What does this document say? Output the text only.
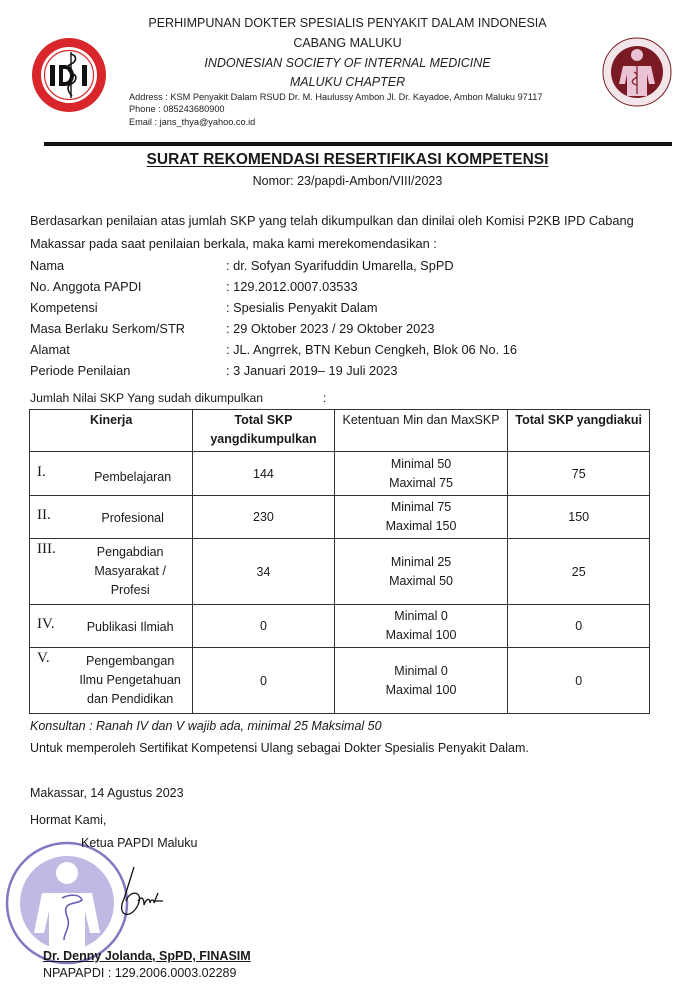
PERHIMPUNAN DOKTER SPESIALIS PENYAKIT DALAM INDONESIA
CABANG MALUKU
INDONESIAN SOCIETY OF INTERNAL MEDICINE
MALUKU CHAPTER
Address : KSM Penyakit Dalam RSUD Dr. M. Haulussy Ambon Jl. Dr. Kayadoe, Ambon Maluku 97117
Phone : 085243680900
Email : jans_thya@yahoo.co.id
SURAT REKOMENDASI RESERTIFIKASI KOMPETENSI
Nomor: 23/papdi-Ambon/VIII/2023
Berdasarkan penilaian atas jumlah SKP yang telah dikumpulkan dan dinilai oleh Komisi P2KB IPD Cabang
Makassar pada saat penilaian berkala, maka kami merekomendasikan :
Nama	: dr. Sofyan Syarifuddin Umarella, SpPD
No. Anggota PAPDI	: 129.2012.0007.03533
Kompetensi	: Spesialis Penyakit Dalam
Masa Berlaku Serkom/STR	: 29 Oktober 2023 / 29 Oktober 2023
Alamat	: JL. Angrrek, BTN Kebun Cengkeh, Blok 06 No. 16
Periode Penilaian	: 3 Januari 2019– 19 Juli 2023
Jumlah Nilai SKP Yang sudah dikumpulkan	:
Kinerja	Total SKP yangdikumpulkan	Ketentuan Min dan MaxSKP	Total SKP yangdiakui

I. Pembelajaran	144	Minimal 50
Maximal 75	75

II. Profesional	230	Minimal 75
Maximal 150	150

III. Pengabdian
Masyarakat /
Profesi	34	Minimal 25
Maximal 50	25

IV. Publikasi Ilmiah	0	Minimal 0
Maximal 100	0

V. Pengembangan
Ilmu Pengetahuan
dan Pendidikan	0	Minimal 0
Maximal 100	0
Konsultan : Ranah IV dan V wajib ada, minimal 25 Maksimal 50
Untuk memperoleh Sertifikat Kompetensi Ulang sebagai Dokter Spesialis Penyakit Dalam.
Makassar, 14 Agustus 2023
Hormat Kami,
Ketua PAPDI Maluku
Dr. Denny Jolanda, SpPD, FINASIM
NPAPAPDI : 129.2006.0003.02289
